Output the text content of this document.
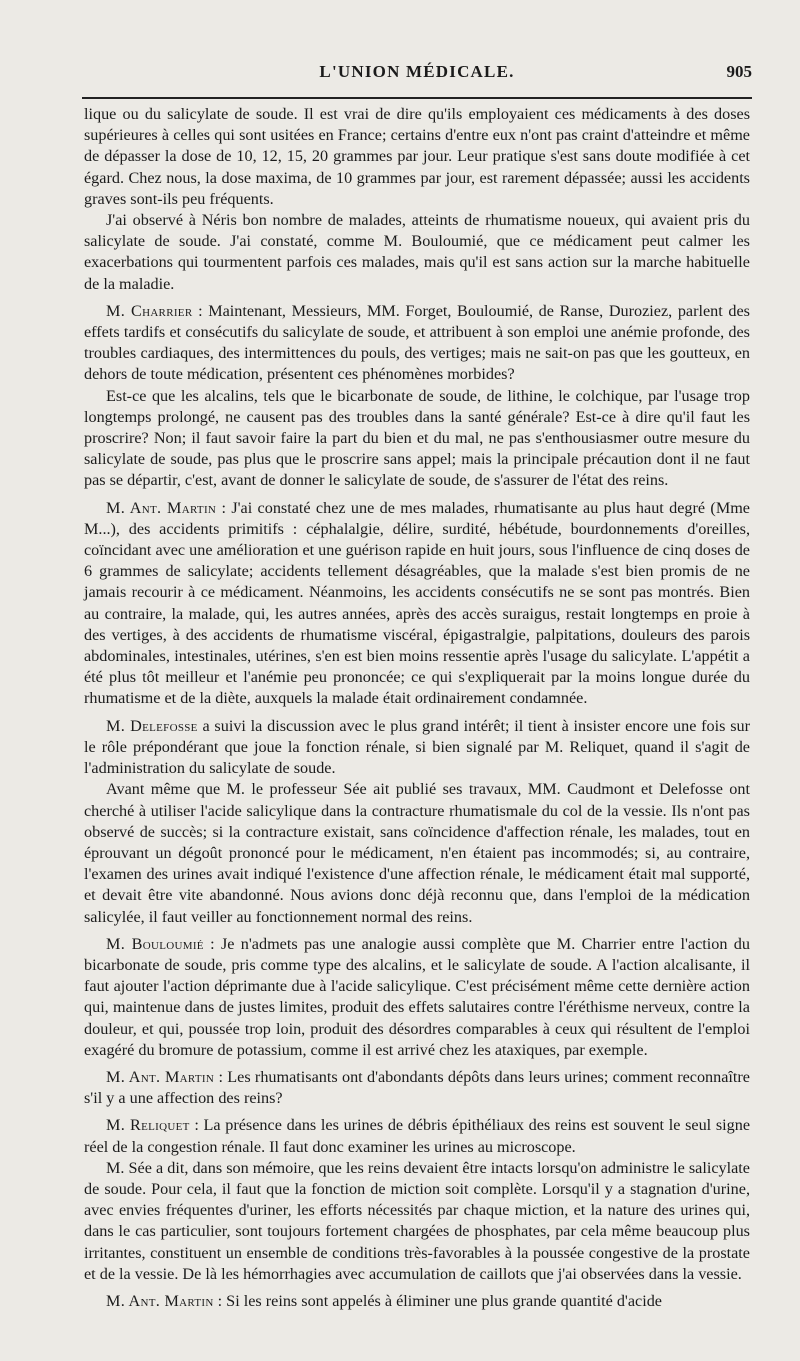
L'UNION MÉDICALE.	905

lique ou du salicylate de soude. Il est vrai de dire qu'ils employaient ces médicaments à des doses supérieures à celles qui sont usitées en France; certains d'entre eux n'ont pas craint d'atteindre et même de dépasser la dose de 10, 12, 15, 20 grammes par jour. Leur pratique s'est sans doute modifiée à cet égard. Chez nous, la dose maxima, de 10 grammes par jour, est rarement dépassée; aussi les accidents graves sont-ils peu fréquents.

J'ai observé à Néris bon nombre de malades, atteints de rhumatisme noueux, qui avaient pris du salicylate de soude. J'ai constaté, comme M. Bouloumié, que ce médicament peut calmer les exacerbations qui tourmentent parfois ces malades, mais qu'il est sans action sur la marche habituelle de la maladie.

M. Charrier : Maintenant, Messieurs, MM. Forget, Bouloumié, de Ranse, Duroziez, parlent des effets tardifs et consécutifs du salicylate de soude, et attribuent à son emploi une anémie profonde, des troubles cardiaques, des intermittences du pouls, des vertiges; mais ne sait-on pas que les goutteux, en dehors de toute médication, présentent ces phénomènes morbides?

Est-ce que les alcalins, tels que le bicarbonate de soude, de lithine, le colchique, par l'usage trop longtemps prolongé, ne causent pas des troubles dans la santé générale? Est-ce à dire qu'il faut les proscrire? Non; il faut savoir faire la part du bien et du mal, ne pas s'enthousiasmer outre mesure du salicylate de soude, pas plus que le proscrire sans appel; mais la principale précaution dont il ne faut pas se départir, c'est, avant de donner le salicylate de soude, de s'assurer de l'état des reins.

M. Ant. Martin : J'ai constaté chez une de mes malades, rhumatisante au plus haut degré (Mme M...), des accidents primitifs : céphalalgie, délire, surdité, hébétude, bourdonnements d'oreilles, coïncidant avec une amélioration et une guérison rapide en huit jours, sous l'influence de cinq doses de 6 grammes de salicylate; accidents tellement désagréables, que la malade s'est bien promis de ne jamais recourir à ce médicament. Néanmoins, les accidents consécutifs ne se sont pas montrés. Bien au contraire, la malade, qui, les autres années, après des accès suraigus, restait longtemps en proie à des vertiges, à des accidents de rhumatisme viscéral, épigastralgie, palpitations, douleurs des parois abdominales, intestinales, utérines, s'en est bien moins ressentie après l'usage du salicylate. L'appétit a été plus tôt meilleur et l'anémie peu prononcée; ce qui s'expliquerait par la moins longue durée du rhumatisme et de la diète, auxquels la malade était ordinairement condamnée.

M. Delefosse a suivi la discussion avec le plus grand intérêt; il tient à insister encore une fois sur le rôle prépondérant que joue la fonction rénale, si bien signalé par M. Reliquet, quand il s'agit de l'administration du salicylate de soude.

Avant même que M. le professeur Sée ait publié ses travaux, MM. Caudmont et Delefosse ont cherché à utiliser l'acide salicylique dans la contracture rhumatismale du col de la vessie. Ils n'ont pas observé de succès; si la contracture existait, sans coïncidence d'affection rénale, les malades, tout en éprouvant un dégoût prononcé pour le médicament, n'en étaient pas incommodés; si, au contraire, l'examen des urines avait indiqué l'existence d'une affection rénale, le médicament était mal supporté, et devait être vite abandonné. Nous avions donc déjà reconnu que, dans l'emploi de la médication salicylée, il faut veiller au fonctionnement normal des reins.

M. Bouloumié : Je n'admets pas une analogie aussi complète que M. Charrier entre l'action du bicarbonate de soude, pris comme type des alcalins, et le salicylate de soude. A l'action alcalisante, il faut ajouter l'action déprimante due à l'acide salicylique. C'est précisément même cette dernière action qui, maintenue dans de justes limites, produit des effets salutaires contre l'éréthisme nerveux, contre la douleur, et qui, poussée trop loin, produit des désordres comparables à ceux qui résultent de l'emploi exagéré du bromure de potassium, comme il est arrivé chez les ataxiques, par exemple.

M. Ant. Martin : Les rhumatisants ont d'abondants dépôts dans leurs urines; comment reconnaître s'il y a une affection des reins?

M. Reliquet : La présence dans les urines de débris épithéliaux des reins est souvent le seul signe réel de la congestion rénale. Il faut donc examiner les urines au microscope.

M. Sée a dit, dans son mémoire, que les reins devaient être intacts lorsqu'on administre le salicylate de soude. Pour cela, il faut que la fonction de miction soit complète. Lorsqu'il y a stagnation d'urine, avec envies fréquentes d'uriner, les efforts nécessités par chaque miction, et la nature des urines qui, dans le cas particulier, sont toujours fortement chargées de phosphates, par cela même beaucoup plus irritantes, constituent un ensemble de conditions très-favorables à la poussée congestive de la prostate et de la vessie. De là les hémorrhagies avec accumulation de caillots que j'ai observées dans la vessie.

M. Ant. Martin : Si les reins sont appelés à éliminer une plus grande quantité d'acide
